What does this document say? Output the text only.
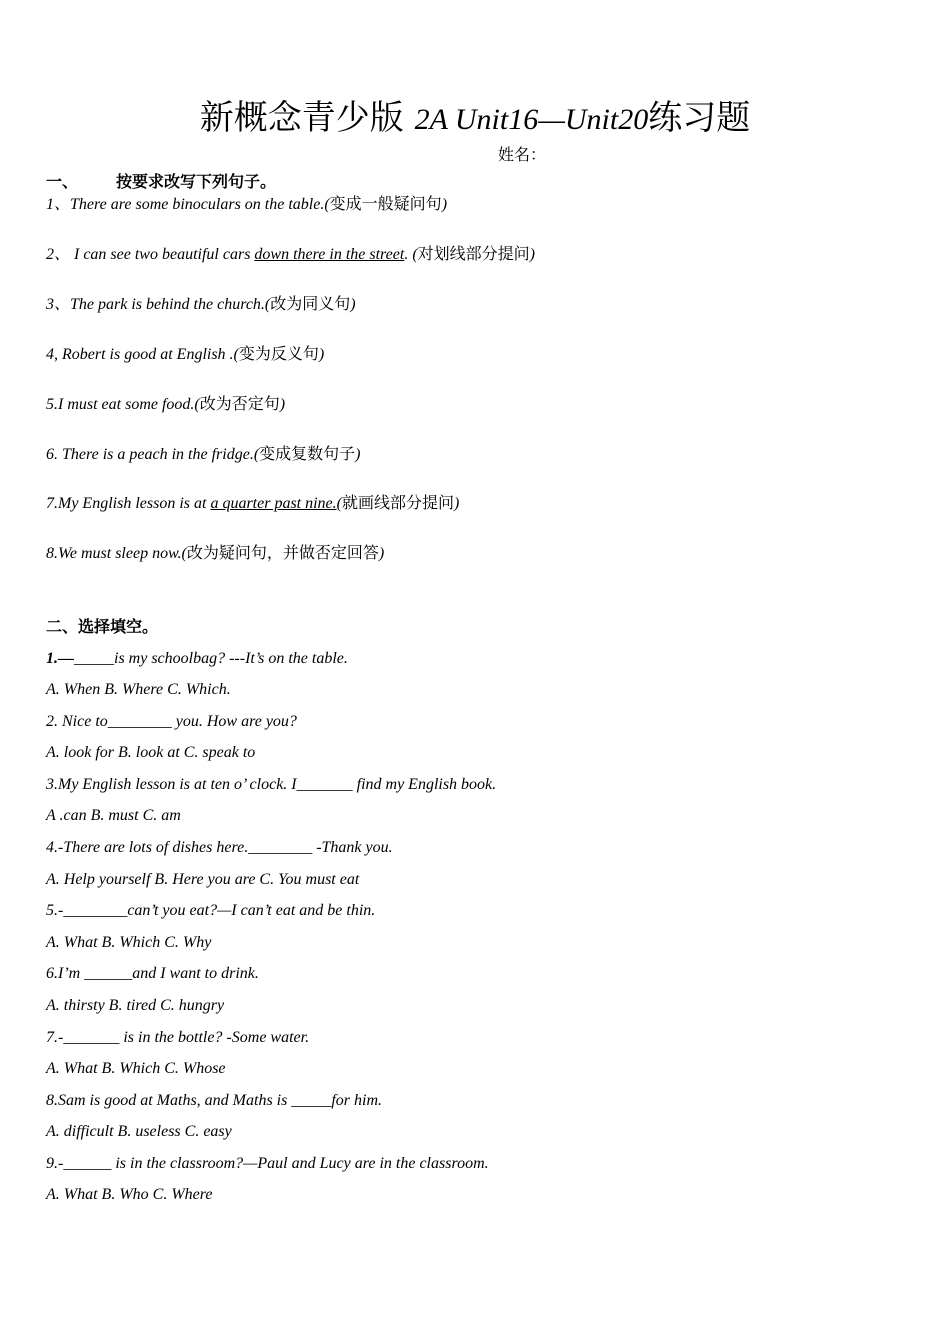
新概念青少版 2A Unit16—Unit20练习题
姓名：
一、 按要求改写下列句子。
1、There are some binoculars on the table.(变成一般疑问句)
2、 I can see two beautiful cars down there in the street. (对划线部分提问)
3、The park is behind the church.(改为同义句)
4, Robert is good at English .(变为反义句)
5.I must eat some food.(改为否定句)
6. There is a peach in the fridge.(变成复数句子)
7.My English lesson is at a quarter past nine.(就画线部分提问)
8.We must sleep now.(改为疑问句，并做否定回答)
二、选择填空。
1.—_____is my schoolbag? ---It’s on the table.
A. When B. Where C. Which.
2. Nice to________ you. How are you?
A. look for B. look at C. speak to
3.My English lesson is at ten o’ clock. I_______ find my English book.
A .can B. must C. am
4.-There are lots of dishes here.________ -Thank you.
A. Help yourself B. Here you are C. You must eat
5.-________can’t you eat?—I can’t eat and be thin.
A. What B. Which C. Why
6.I’m ______and I want to drink.
A. thirsty B. tired C. hungry
7.-_______ is in the bottle? -Some water.
A. What B. Which C. Whose
8.Sam is good at Maths, and Maths is _____for him.
A. difficult B. useless C. easy
9.-______ is in the classroom?—Paul and Lucy are in the classroom.
A. What B. Who C. Where
